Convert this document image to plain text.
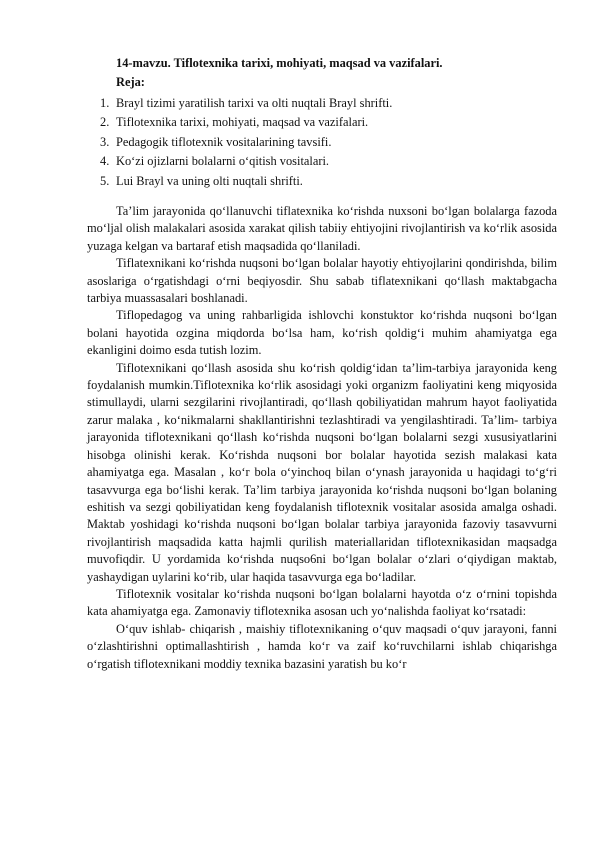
14-mavzu. Tiflotexnika tarixi, mohiyati, maqsad va vazifalari.
Reja:
1. Brayl tizimi yaratilish tarixi va olti nuqtali Brayl shrifti.
2. Tiflotexnika tarixi, mohiyati, maqsad va vazifalari.
3. Pedagogik tiflotexnik vositalarining tavsifi.
4. Koʻzi ojizlarni bolalarni oʻqitish vositalari.
5. Lui Brayl va uning olti nuqtali shrifti.

Ta’lim jarayonida qoʻllanuvchi tiflatexnika koʻrishda nuxsoni boʻlgan bolalarga fazoda moʻljal olish malakalari asosida xarakat qilish tabiiy ehtiyojini rivojlantirish va koʻrlik asosida yuzaga kelgan va bartaraf etish maqsadida qoʻllaniladi.

Tiflatexnikani koʻrishda nuqsoni boʻlgan bolalar hayotiy ehtiyojlarini qondirishda, bilim asoslariga oʻrgatishdagi oʻrni beqiyosdir. Shu sabab tiflatexnikani qoʻllash maktabgacha tarbiya muassasalari boshlanadi.

Tiflopedagog va uning rahbarligida ishlovchi konstuktor koʻrishda nuqsoni boʻlgan bolani hayotida ozgina miqdorda boʻlsa ham, koʻrish qoldigʻi muhim ahamiyatga ega ekanligini doimo esda tutish lozim.

Tiflotexnikani qoʻllash asosida shu koʻrish qoldigʻidan ta’lim-tarbiya jarayonida keng foydalanish mumkin.Tiflotexnika koʻrlik asosidagi yoki organizm faoliyatini keng miqyosida stimullaydi, ularni sezgilarini rivojlantiradi, qoʻllash qobiliyatidan mahrum hayot faoliyatida zarur malaka , koʻnikmalarni shakllantirishni tezlashtiradi va yengilashtiradi. Ta’lim- tarbiya jarayonida tiflotexnikani qoʻllash koʻrishda nuqsoni boʻlgan bolalarni sezgi xususiyatlarini hisobga olinishi kerak. Koʻrishda nuqsoni bor bolalar hayotida sezish malakasi kata ahamiyatga ega. Masalan , koʻr bola oʻyinchoq bilan oʻynash jarayonida u haqidagi toʻgʻri tasavvurga ega boʻlishi kerak. Ta’lim tarbiya jarayonida koʻrishda nuqsoni boʻlgan bolaning eshitish va sezgi qobiliyatidan keng foydalanish tiflotexnik vositalar asosida amalga oshadi. Maktab yoshidagi koʻrishda nuqsoni boʻlgan bolalar tarbiya jarayonida fazoviy tasavvurni rivojlantirish maqsadida katta hajmli qurilish materiallaridan tiflotexnikasidan maqsadga muvofiqdir. U yordamida koʻrishda nuqso6ni boʻlgan bolalar oʻzlari oʻqiydigan maktab, yashaydigan uylarini koʻrib, ular haqida tasavvurga ega boʻladilar.

Tiflotexnik vositalar koʻrishda nuqsoni boʻlgan bolalarni hayotda oʻz oʻrnini topishda kata ahamiyatga ega. Zamonaviy tiflotexnika asosan uch yoʻnalishda faoliyat koʻrsatadi:

Oʻquv ishlab- chiqarish , maishiy tiflotexnikaning oʻquv maqsadi oʻquv jarayoni, fanni oʻzlashtirishni optimallashtirish , hamda koʻr va zaif koʻruvchilarni ishlab chiqarishga oʻrgatish tiflotexnikani moddiy texnika bazasini yaratish bu koʻr
